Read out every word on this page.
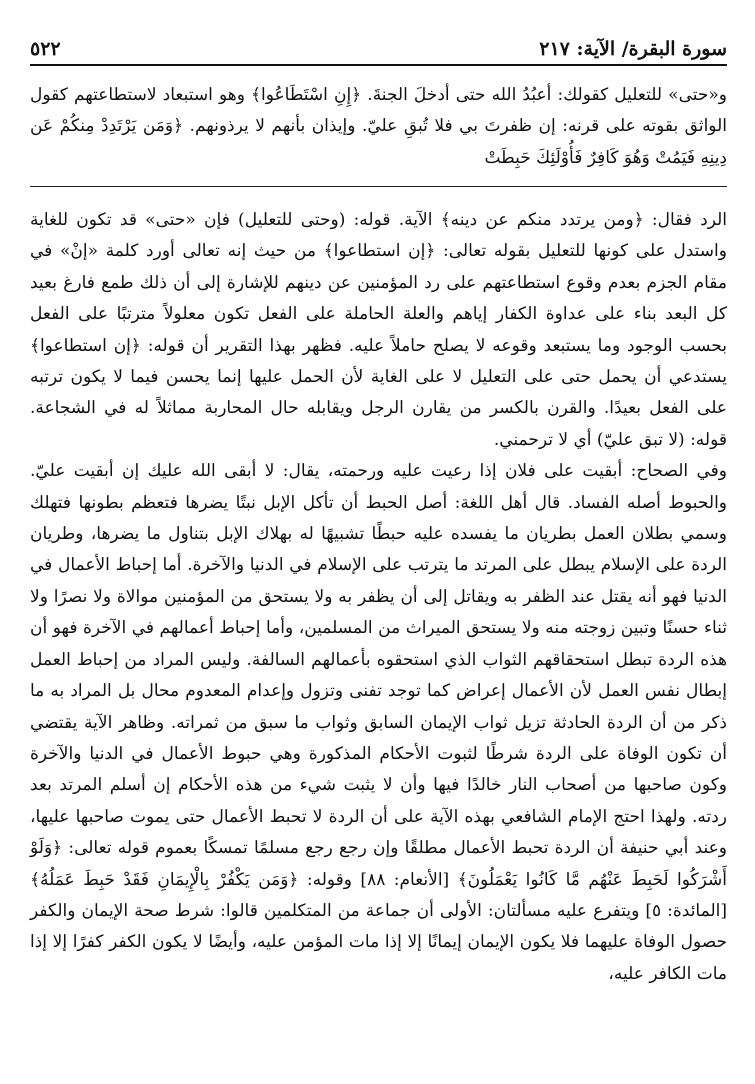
٥٢٢	سورة البقرة/ الآية: ٢١٧

و«حتى» للتعليل كقولك: أعبُدُ الله حتى أدخلَ الجنةَ. ﴿إِنِ اسْتَطَاعُوا﴾ وهو استبعاد لاستطاعتهم كقول الواثق بقوته على قرنه: إن ظفرتَ بي فلا تُبقِ عليّ. وإيذان بأنهم لا يرذونهم. ﴿وَمَن يَرْتَدِدْ مِنكُمْ عَن دِينِهِ فَيَمُتْ وَهُوَ كَافِرٌ فَأُوْلَئِكَ حَبِطَتْ

الرد فقال: ﴿ومن يرتدد منكم عن دينه﴾ الآية. قوله: (وحتى للتعليل) فإن «حتى» قد تكون للغاية واستدل على كونها للتعليل بقوله تعالى: ﴿إن استطاعوا﴾ من حيث إنه تعالى أورد كلمة «إنْ» في مقام الجزم بعدم وقوع استطاعتهم على رد المؤمنين عن دينهم للإشارة إلى أن ذلك طمع فارغ بعيد كل البعد بناء على عداوة الكفار إياهم والعلة الحاملة على الفعل تكون معلولاً مترتبًا على الفعل بحسب الوجود وما يستبعد وقوعه لا يصلح حاملاً عليه. فظهر بهذا التقرير أن قوله: ﴿إن استطاعوا﴾ يستدعي أن يحمل حتى على التعليل لا على الغاية لأن الحمل عليها إنما يحسن فيما لا يكون ترتبه على الفعل بعيدًا. والقرن بالكسر من يقارن الرجل ويقابله حال المحاربة مماثلاً له في الشجاعة. قوله: (لا تبق عليّ) أي لا ترحمني.

وفي الصحاح: أبقيت على فلان إذا رعيت عليه ورحمته، يقال: لا أبقى الله عليك إن أبقيت عليّ. والحبوط أصله الفساد. قال أهل اللغة: أصل الحبط أن تأكل الإبل نبتًا يضرها فتعظم بطونها فتهلك وسمي بطلان العمل بطريان ما يفسده عليه حبطًا تشبيهًا له بهلاك الإبل بتناول ما يضرها، وطريان الردة على الإسلام يبطل على المرتد ما يترتب على الإسلام في الدنيا والآخرة. أما إحباط الأعمال في الدنيا فهو أنه يقتل عند الظفر به ويقاتل إلى أن يظفر به ولا يستحق من المؤمنين موالاة ولا نصرًا ولا ثناء حسنًا وتبين زوجته منه ولا يستحق الميراث من المسلمين، وأما إحباط أعمالهم في الآخرة فهو أن هذه الردة تبطل استحقاقهم الثواب الذي استحقوه بأعمالهم السالفة. وليس المراد من إحباط العمل إبطال نفس العمل لأن الأعمال إعراض كما توجد تفنى وتزول وإعدام المعدوم محال بل المراد به ما ذكر من أن الردة الحادثة تزيل ثواب الإيمان السابق وثواب ما سبق من ثمراته. وظاهر الآية يقتضي أن تكون الوفاة على الردة شرطًا لثبوت الأحكام المذكورة وهي حبوط الأعمال في الدنيا والآخرة وكون صاحبها من أصحاب النار خالدًا فيها وأن لا يثبت شيء من هذه الأحكام إن أسلم المرتد بعد ردته. ولهذا احتج الإمام الشافعي بهذه الآية على أن الردة لا تحبط الأعمال حتى يموت صاحبها عليها، وعند أبي حنيفة أن الردة تحبط الأعمال مطلقًا وإن رجع رجع مسلمًا تمسكًا بعموم قوله تعالى: ﴿وَلَوْ أَشْرَكُوا لَحَبِطَ عَنْهُم مَّا كَانُوا يَعْمَلُونَ﴾ [الأنعام: ٨٨] وقوله: ﴿وَمَن يَكْفُرْ بِالْإِيمَانِ فَقَدْ حَبِطَ عَمَلُهُ﴾ [المائدة: ٥] ويتفرع عليه مسألتان: الأولى أن جماعة من المتكلمين قالوا: شرط صحة الإيمان والكفر حصول الوفاة عليهما فلا يكون الإيمان إيمانًا إلا إذا مات المؤمن عليه، وأيضًا لا يكون الكفر كفرًا إلا إذا مات الكافر عليه،
